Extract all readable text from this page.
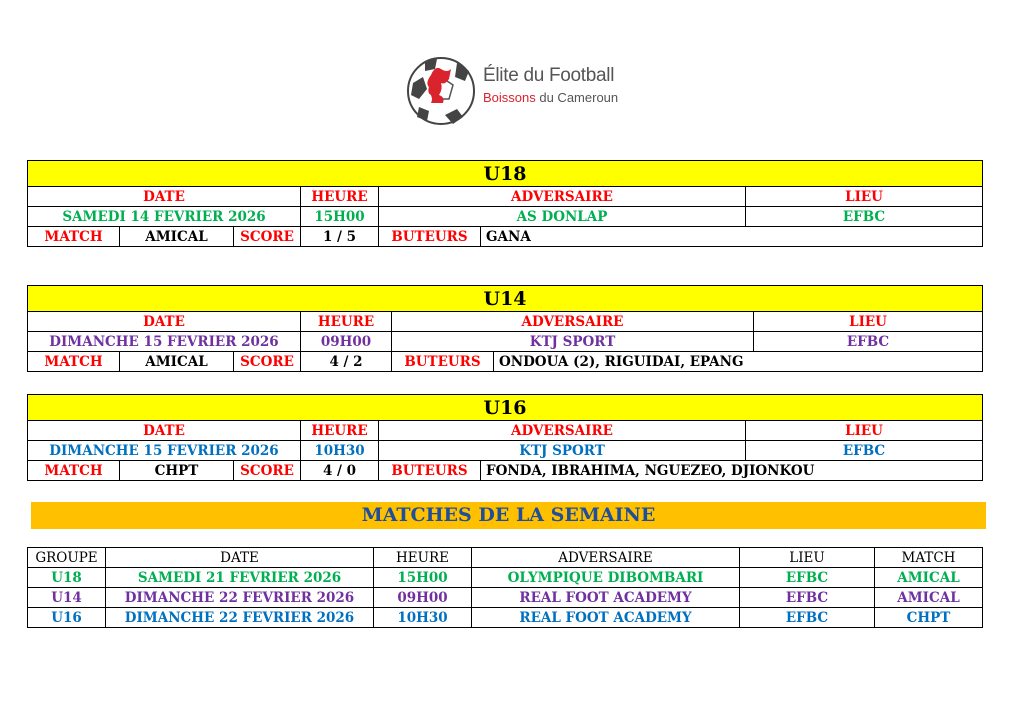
Élite du Football
Boissons du Cameroun
U18						
DATE			HEURE	ADVERSAIRE		LIEU
SAMEDI 14 FEVRIER 2026			15H00	AS DONLAP		EFBC
MATCH	AMICAL	SCORE	1 / 5	BUTEURS	GANA	
U14						
DATE			HEURE	ADVERSAIRE		LIEU
DIMANCHE 15 FEVRIER 2026			09H00	KTJ SPORT		EFBC
MATCH	AMICAL	SCORE	4 / 2	BUTEURS	ONDOUA (2), RIGUIDAI, EPANG	
U16						
DATE			HEURE	ADVERSAIRE		LIEU
DIMANCHE 15 FEVRIER 2026			10H30	KTJ SPORT		EFBC
MATCH	CHPT	SCORE	4 / 0	BUTEURS	FONDA, IBRAHIMA, NGUEZEO, DJIONKOU	
MATCHES DE LA SEMAINE
GROUPE	DATE	HEURE	ADVERSAIRE	LIEU	MATCH
U18	SAMEDI 21 FEVRIER 2026	15H00	OLYMPIQUE DIBOMBARI	EFBC	AMICAL
U14	DIMANCHE 22 FEVRIER 2026	09H00	REAL FOOT ACADEMY	EFBC	AMICAL
U16	DIMANCHE 22 FEVRIER 2026	10H30	REAL FOOT ACADEMY	EFBC	CHPT
